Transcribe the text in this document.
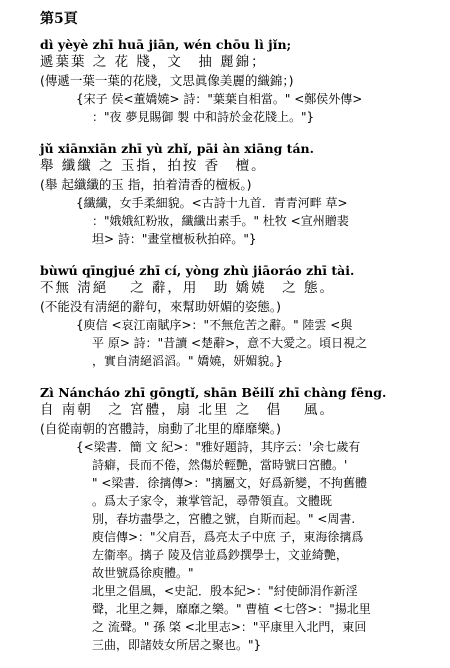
第5頁
dì yèyè zhī huā jiān, wén chōu lì jǐn;
遞葉葉 之 花 牋，文　抽 麗錦；
(傳遞一葉一葉的花牋，文思眞像美麗的織錦；)
{宋子 侯<董嬌嬈> 詩："葉葉自相當。" <鄭侯外傳>
："夜 夢見賜御 製 中和詩於金花牋上。"}
jǔ xiānxiān zhī yù zhǐ, pāi àn xiāng tán.
舉 纖纖 之 玉指，拍按 香　檀。
(舉 起纖纖的玉 指，拍着清香的檀板。)
{纖纖，女手柔細貌。<古詩十九首．青青河畔 草>
："娥娥紅粉妝，纖纖出素手。" 杜牧 <宣州贈裴
坦> 詩："畫堂檀板秋拍碎。"}
bùwú qīngjué zhī cí, yòng zhù jiāoráo zhī tài.
不無 淸絕　 之 辭，用　助 嬌嬈　之 態。
(不能没有淸絕的辭句，來幫助妍媚的姿態。)
{庾信 <哀江南賦序>："不無危苦之辭。" 陸雲 <與
平 原> 詩："昔讀 <楚辭>，意不大愛之。頃日視之
，實自淸絕滔滔。" 嬌嬈，妍媚貌。}
Zì Náncháo zhī gōngtǐ, shān Běilǐ zhī chàng fēng.
自 南朝　之 宮體，扇 北里 之　倡　 風。
(自從南朝的宮體詩，扇動了北里的靡靡樂。)
{<梁書．簡 文 紀>："雅好題詩，其序云：'余七歲有
詩癖，長而不倦，然傷於輕艷，當時號曰宮體。'
" <梁書．徐摛傳>："摛屬文，好爲新變，不拘舊體
。爲太子家令，兼掌管記，尋帶領直。文體既
別，春坊盡學之，宮體之號，自斯而起。" <周書.
庾信傳>："父肩吾，爲亮太子中庶 子，東海徐摛爲
左衞率。摛子 陵及信並爲鈔撰學士，文並綺艷，
故世號爲徐庾體。"
北里之倡風，<史記．殷本紀>："紂使師涓作新淫
聲，北里之舞，靡靡之樂。" 曹植 <七啓>："揚北里
之 流聲。" 孫 棨 <北里志>："平康里入北門，東回
三曲，即諸妓女所居之聚也。"}
